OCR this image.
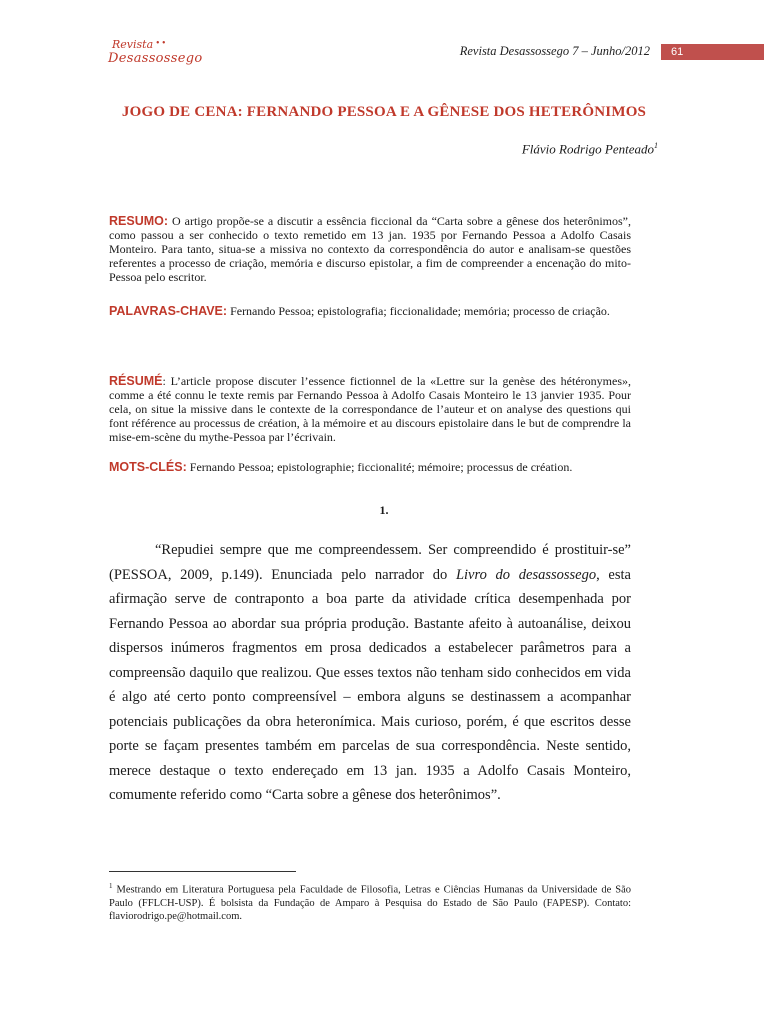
Revista • •
Desassossego	Revista Desassossego 7 – Junho/2012	61
JOGO DE CENA: FERNANDO PESSOA E A GÊNESE DOS HETERÔNIMOS
Flávio Rodrigo Penteado$^1$
RESUMO: O artigo propõe-se a discutir a essência ficcional da “Carta sobre a gênese dos heterônimos”, como passou a ser conhecido o texto remetido em 13 jan. 1935 por Fernando Pessoa a Adolfo Casais Monteiro. Para tanto, situa-se a missiva no contexto da correspondência do autor e analisam-se questões referentes a processo de criação, memória e discurso epistolar, a fim de compreender a encenação do mito-Pessoa pelo escritor.
PALAVRAS-CHAVE: Fernando Pessoa; epistolografia; ficcionalidade; memória; processo de criação.
RÉSUMÉ: L’article propose discuter l’essence fictionnel de la «Lettre sur la genèse des hétéronymes», comme a été connu le texte remis par Fernando Pessoa à Adolfo Casais Monteiro le 13 janvier 1935. Pour cela, on situe la missive dans le contexte de la correspondance de l’auteur et on analyse des questions qui font référence au processus de création, à la mémoire et au discours epistolaire dans le but de comprendre la mise-em-scène du mythe-Pessoa par l’écrivain.
MOTS-CLÉS: Fernando Pessoa; epistolographie; ficcionalité; mémoire; processus de création.
1.
“Repudiei sempre que me compreendessem. Ser compreendido é prostituir-se” (PESSOA, 2009, p.149). Enunciada pelo narrador do Livro do desassossego, esta afirmação serve de contraponto a boa parte da atividade crítica desempenhada por Fernando Pessoa ao abordar sua própria produção. Bastante afeito à autoanálise, deixou dispersos inúmeros fragmentos em prosa dedicados a estabelecer parâmetros para a compreensão daquilo que realizou. Que esses textos não tenham sido conhecidos em vida é algo até certo ponto compreensível – embora alguns se destinassem a acompanhar potenciais publicações da obra heteronímica. Mais curioso, porém, é que escritos desse porte se façam presentes também em parcelas de sua correspondência. Neste sentido, merece destaque o texto endereçado em 13 jan. 1935 a Adolfo Casais Monteiro, comumente referido como “Carta sobre a gênese dos heterônimos”.
$^1$ Mestrando em Literatura Portuguesa pela Faculdade de Filosofia, Letras e Ciências Humanas da Universidade de São Paulo (FFLCH-USP). É bolsista da Fundação de Amparo à Pesquisa do Estado de São Paulo (FAPESP). Contato: flaviorodrigo.pe@hotmail.com.
